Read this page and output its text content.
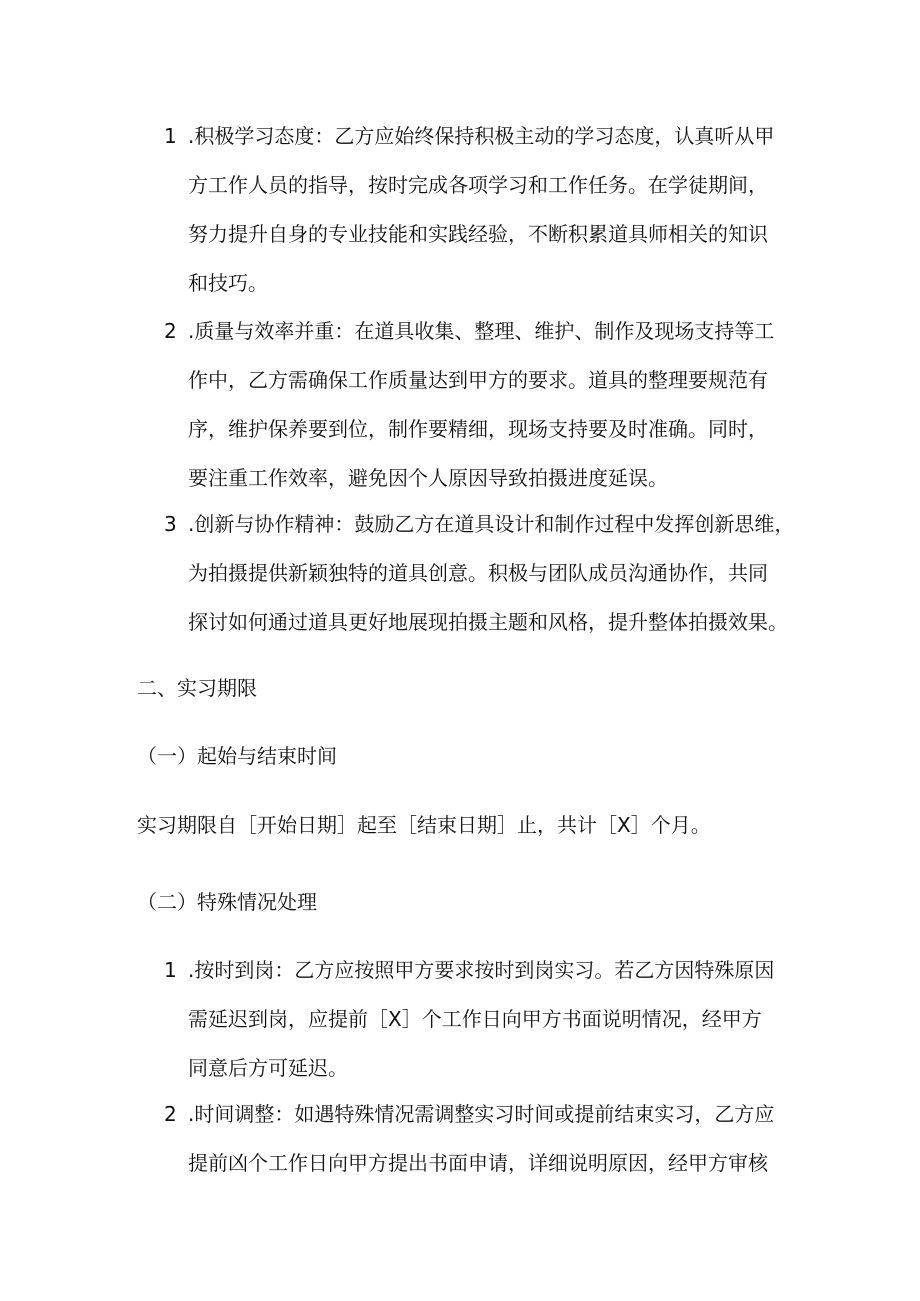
1 .积极学习态度：乙方应始终保持积极主动的学习态度，认真听从甲
方工作人员的指导，按时完成各项学习和工作任务。在学徒期间，
努力提升自身的专业技能和实践经验，不断积累道具师相关的知识
和技巧。
2 .质量与效率并重：在道具收集、整理、维护、制作及现场支持等工
作中，乙方需确保工作质量达到甲方的要求。道具的整理要规范有
序，维护保养要到位，制作要精细，现场支持要及时准确。同时，
要注重工作效率，避免因个人原因导致拍摄进度延误。
3 .创新与协作精神：鼓励乙方在道具设计和制作过程中发挥创新思维，
为拍摄提供新颖独特的道具创意。积极与团队成员沟通协作，共同
探讨如何通过道具更好地展现拍摄主题和风格，提升整体拍摄效果。
二、实习期限
（一）起始与结束时间
实习期限自［开始日期］起至［结束日期］止，共计［X］个月。
（二）特殊情况处理
1 .按时到岗：乙方应按照甲方要求按时到岗实习。若乙方因特殊原因
需延迟到岗，应提前［X］个工作日向甲方书面说明情况，经甲方
同意后方可延迟。
2 .时间调整：如遇特殊情况需调整实习时间或提前结束实习，乙方应
提前凶个工作日向甲方提出书面申请，详细说明原因，经甲方审核
